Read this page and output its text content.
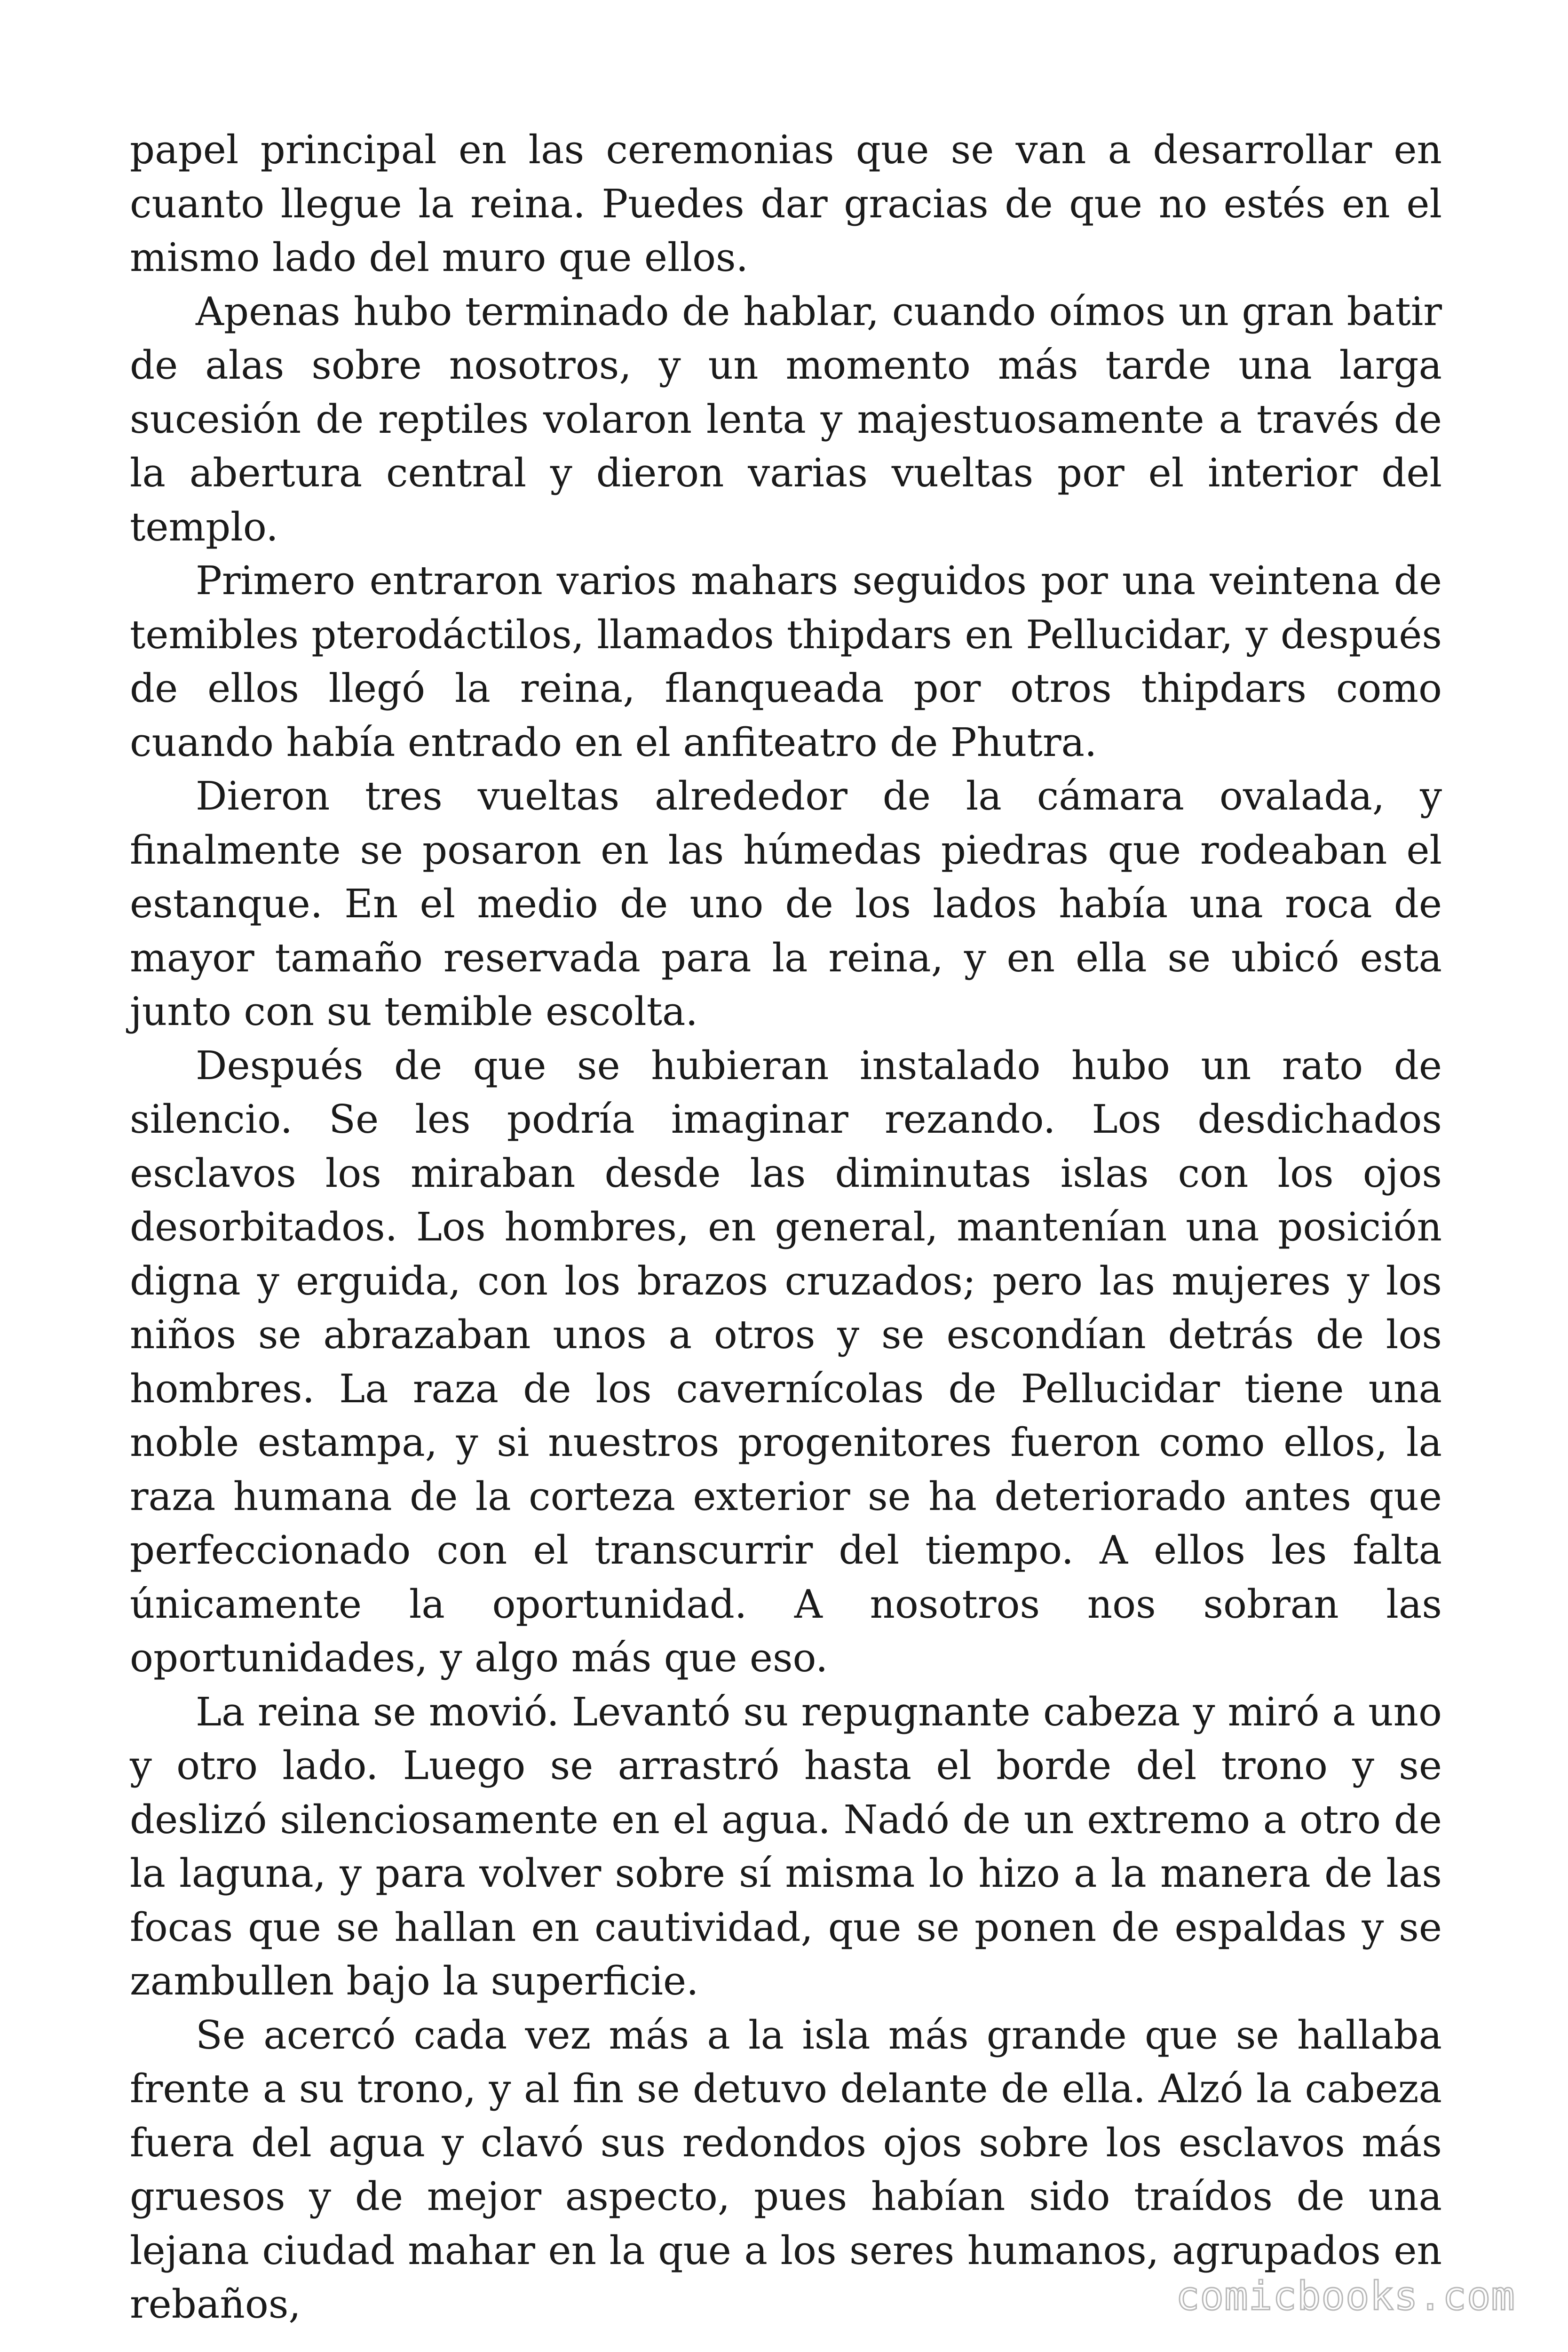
papel principal en las ceremonias que se van a desarrollar en cuanto llegue la reina. Puedes dar gracias de que no estés en el mismo lado del muro que ellos.

Apenas hubo terminado de hablar, cuando oímos un gran batir de alas sobre nosotros, y un momento más tarde una larga sucesión de reptiles volaron lenta y majestuosamente a través de la abertura central y dieron varias vueltas por el interior del templo.

Primero entraron varios mahars seguidos por una veintena de temibles pterodáctilos, llamados thipdars en Pellucidar, y después de ellos llegó la reina, flanqueada por otros thipdars como cuando había entrado en el anfiteatro de Phutra.

Dieron tres vueltas alrededor de la cámara ovalada, y finalmente se posaron en las húmedas piedras que rodeaban el estanque. En el medio de uno de los lados había una roca de mayor tamaño reservada para la reina, y en ella se ubicó esta junto con su temible escolta.

Después de que se hubieran instalado hubo un rato de silencio. Se les podría imaginar rezando. Los desdichados esclavos los miraban desde las diminutas islas con los ojos desorbitados. Los hombres, en general, mantenían una posición digna y erguida, con los brazos cruzados; pero las mujeres y los niños se abrazaban unos a otros y se escondían detrás de los hombres. La raza de los cavernícolas de Pellucidar tiene una noble estampa, y si nuestros progenitores fueron como ellos, la raza humana de la corteza exterior se ha deteriorado antes que perfeccionado con el transcurrir del tiempo. A ellos les falta únicamente la oportunidad. A nosotros nos sobran las oportunidades, y algo más que eso.

La reina se movió. Levantó su repugnante cabeza y miró a uno y otro lado. Luego se arrastró hasta el borde del trono y se deslizó silenciosamente en el agua. Nadó de un extremo a otro de la laguna, y para volver sobre sí misma lo hizo a la manera de las focas que se hallan en cautividad, que se ponen de espaldas y se zambullen bajo la superficie.

Se acercó cada vez más a la isla más grande que se hallaba frente a su trono, y al fin se detuvo delante de ella. Alzó la cabeza fuera del agua y clavó sus redondos ojos sobre los esclavos más gruesos y de mejor aspecto, pues habían sido traídos de una lejana ciudad mahar en la que a los seres humanos, agrupados en rebaños,	comicbooks.com
